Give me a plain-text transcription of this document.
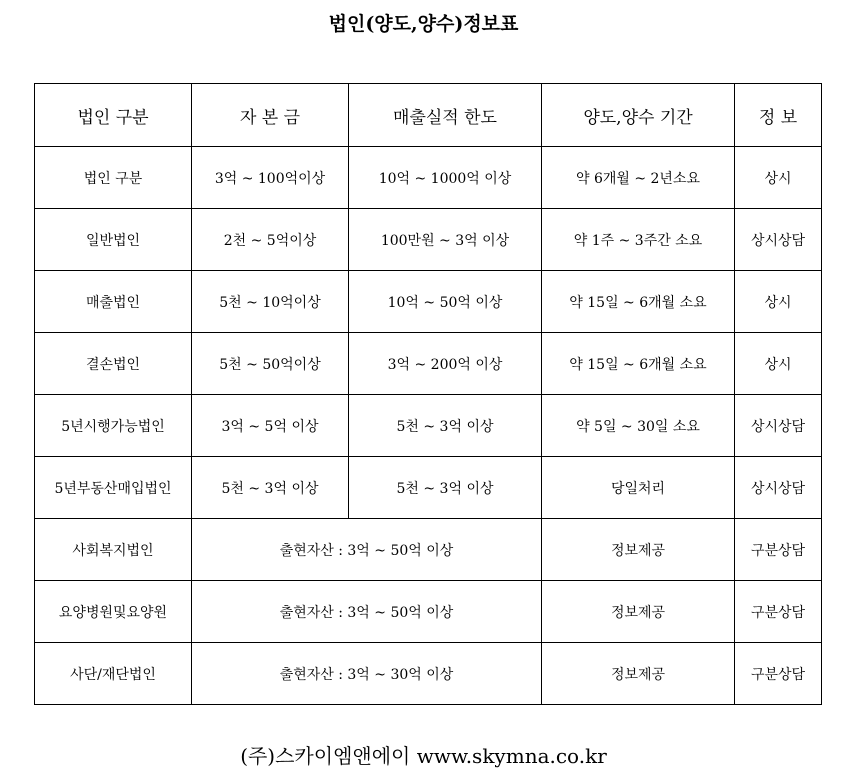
법인(양도,양수)정보표
법인 구분	자 본 금	매출실적 한도	양도,양수 기간	정 보
법인 구분	3억 ~ 100억이상	10억 ~ 1000억 이상	약 6개월 ~ 2년소요	상시
일반법인	2천 ~ 5억이상	100만원 ~ 3억 이상	약 1주 ~ 3주간 소요	상시상담
매출법인	5천 ~ 10억이상	10억 ~ 50억 이상	약 15일 ~ 6개월 소요	상시
결손법인	5천 ~ 50억이상	3억 ~ 200억 이상	약 15일 ~ 6개월 소요	상시
5년시행가능법인	3억 ~ 5억 이상	5천 ~ 3억 이상	약 5일 ~ 30일 소요	상시상담
5년부동산매입법인	5천 ~ 3억 이상	5천 ~ 3억 이상	당일처리	상시상담
사회복지법인	출현자산 : 3억 ~ 50억 이상		정보제공	구분상담
요양병원및요양원	출현자산 : 3억 ~ 50억 이상		정보제공	구분상담
사단/재단법인	출현자산 : 3억 ~ 30억 이상		정보제공	구분상담
(주)스카이엠앤에이 www.skymna.co.kr
